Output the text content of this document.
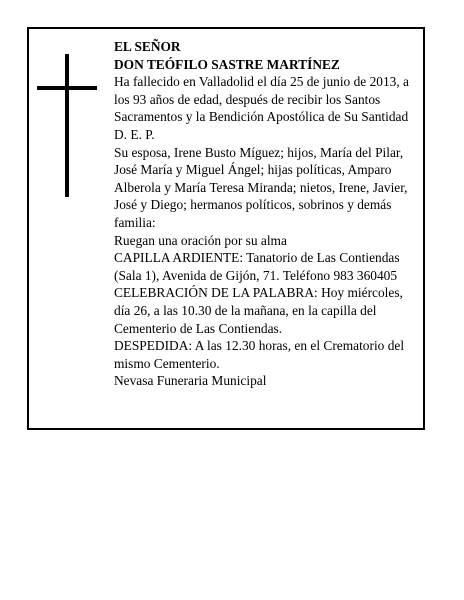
EL SEÑOR
DON TEÓFILO SASTRE MARTÍNEZ
Ha fallecido en Valladolid el día 25 de junio de 2013, a
los 93 años de edad, después de recibir los Santos
Sacramentos y la Bendición Apostólica de Su Santidad
D. E. P.
Su esposa, Irene Busto Míguez; hijos, María del Pilar,
José María y Miguel Ángel; hijas políticas, Amparo
Alberola y María Teresa Miranda; nietos, Irene, Javier,
José y Diego; hermanos políticos, sobrinos y demás
familia:
Ruegan una oración por su alma
CAPILLA ARDIENTE: Tanatorio de Las Contiendas
(Sala 1), Avenida de Gijón, 71. Teléfono 983 360405
CELEBRACIÓN DE LA PALABRA: Hoy miércoles,
día 26, a las 10.30 de la mañana, en la capilla del
Cementerio de Las Contiendas.
DESPEDIDA: A las 12.30 horas, en el Crematorio del
mismo Cementerio.
Nevasa Funeraria Municipal
